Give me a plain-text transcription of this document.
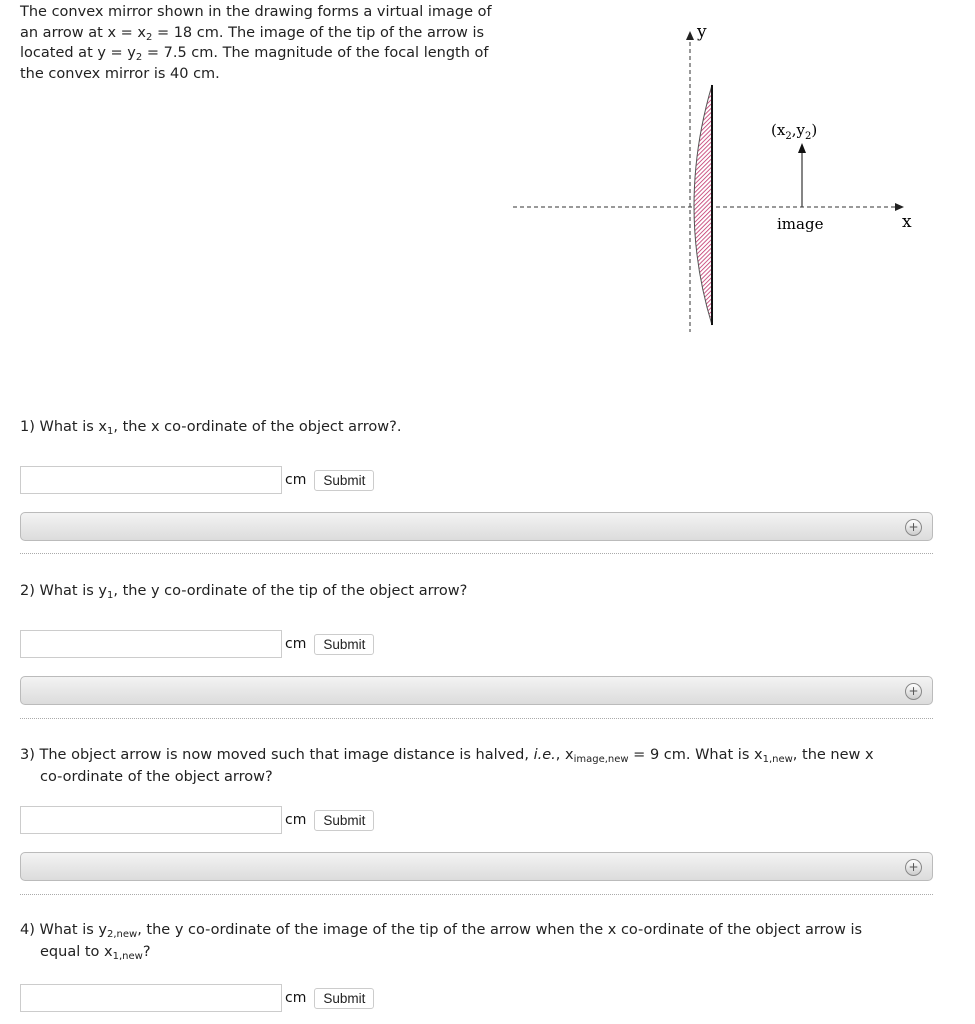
The convex mirror shown in the drawing forms a virtual image of an arrow at $x = x_2 = 18$ cm. The image of the tip of the arrow is located at $y = y_2 = 7.5$ cm. The magnitude of the focal length of the convex mirror is 40 cm.
y
x
$(x_2,y_2)$
image
1) What is $x_1$, the x co-ordinate of the object arrow?.
cm	Submit
+
2) What is $y_1$, the y co-ordinate of the tip of the object arrow?
cm	Submit
+
3) The object arrow is now moved such that image distance is halved, i.e., $x_{image,new} = 9$ cm. What is $x_{1,new}$, the new x
co-ordinate of the object arrow?
cm	Submit
+
4) What is $y_{2,new}$, the y co-ordinate of the image of the tip of the arrow when the x co-ordinate of the object arrow is
equal to $x_{1,new}$?
cm	Submit
